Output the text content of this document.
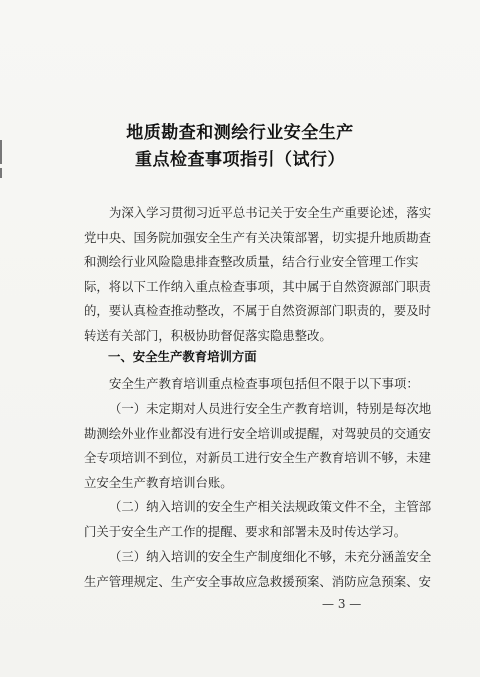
地质勘查和测绘行业安全生产
重点检查事项指引（试行）
为深入学习贯彻习近平总书记关于安全生产重要论述，落实
党中央、国务院加强安全生产有关决策部署，切实提升地质勘查
和测绘行业风险隐患排查整改质量，结合行业安全管理工作实
际，将以下工作纳入重点检查事项，其中属于自然资源部门职责
的，要认真检查推动整改，不属于自然资源部门职责的，要及时
转送有关部门，积极协助督促落实隐患整改。
一、安全生产教育培训方面
安全生产教育培训重点检查事项包括但不限于以下事项：
（一）未定期对人员进行安全生产教育培训，特别是每次地
勘测绘外业作业都没有进行安全培训或提醒，对驾驶员的交通安
全专项培训不到位，对新员工进行安全生产教育培训不够，未建
立安全生产教育培训台账。
（二）纳入培训的安全生产相关法规政策文件不全，主管部
门关于安全生产工作的提醒、要求和部署未及时传达学习。
（三）纳入培训的安全生产制度细化不够，未充分涵盖安全
生产管理规定、生产安全事故应急救援预案、消防应急预案、安
— 3 —
